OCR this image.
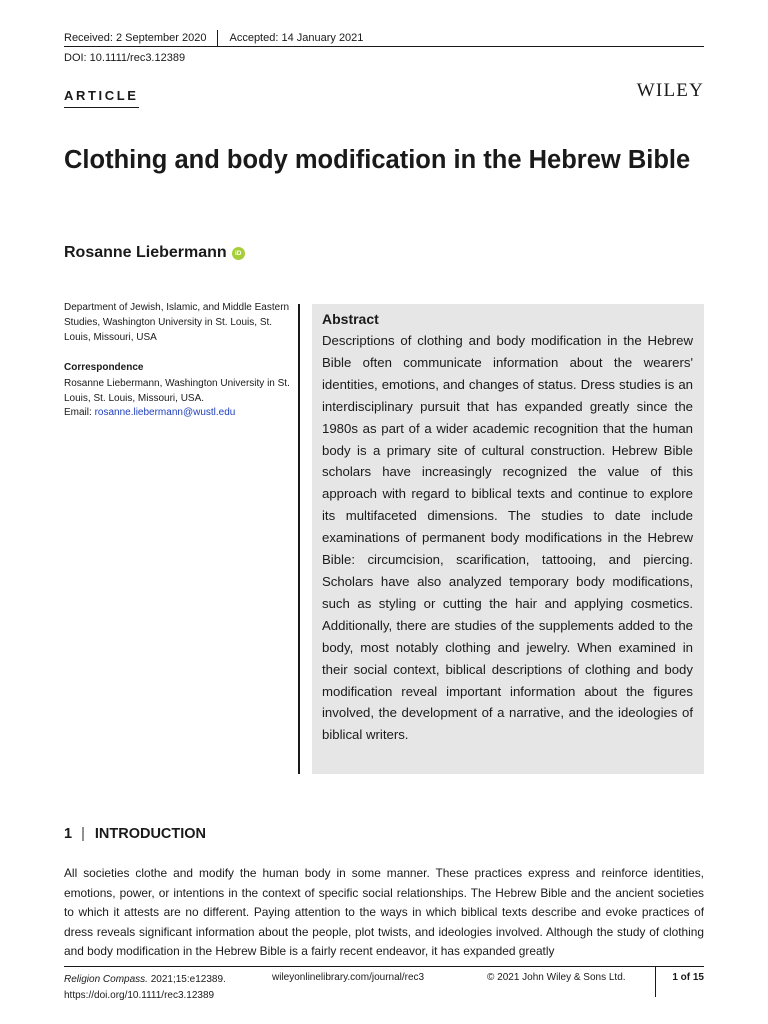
Received: 2 September 2020 Accepted: 14 January 2021
DOI: 10.1111/rec3.12389
ARTICLE	WILEY
Clothing and body modification in the Hebrew Bible
Rosanne Liebermann	iD
Department of Jewish, Islamic, and Middle Eastern Studies, Washington University in St. Louis, St. Louis, Missouri, USA
Correspondence
Rosanne Liebermann, Washington University in St. Louis, St. Louis, Missouri, USA.
Email: rosanne.liebermann@wustl.edu
Abstract
Descriptions of clothing and body modification in the Hebrew Bible often communicate information about the wearers' identities, emotions, and changes of status. Dress studies is an interdisciplinary pursuit that has expanded greatly since the 1980s as part of a wider academic recognition that the human body is a primary site of cultural construction. Hebrew Bible scholars have increasingly recognized the value of this approach with regard to biblical texts and continue to explore its multifaceted dimensions. The studies to date include examinations of permanent body modifications in the Hebrew Bible: circumcision, scarification, tattooing, and piercing. Scholars have also analyzed temporary body modifications, such as styling or cutting the hair and applying cosmetics. Additionally, there are studies of the supplements added to the body, most notably clothing and jewelry. When examined in their social context, biblical descriptions of clothing and body modification reveal important information about the figures involved, the development of a narrative, and the ideologies of biblical writers.
1 | INTRODUCTION
All societies clothe and modify the human body in some manner. These practices express and reinforce identities, emotions, power, or intentions in the context of specific social relationships. The Hebrew Bible and the ancient societies to which it attests are no different. Paying attention to the ways in which biblical texts describe and evoke practices of dress reveals significant information about the people, plot twists, and ideologies involved. Although the study of clothing and body modification in the Hebrew Bible is a fairly recent endeavor, it has expanded greatly
Religion Compass. 2021;15:e12389.
https://doi.org/10.1111/rec3.12389
wileyonlinelibrary.com/journal/rec3	© 2021 John Wiley & Sons Ltd.	1 of 15
